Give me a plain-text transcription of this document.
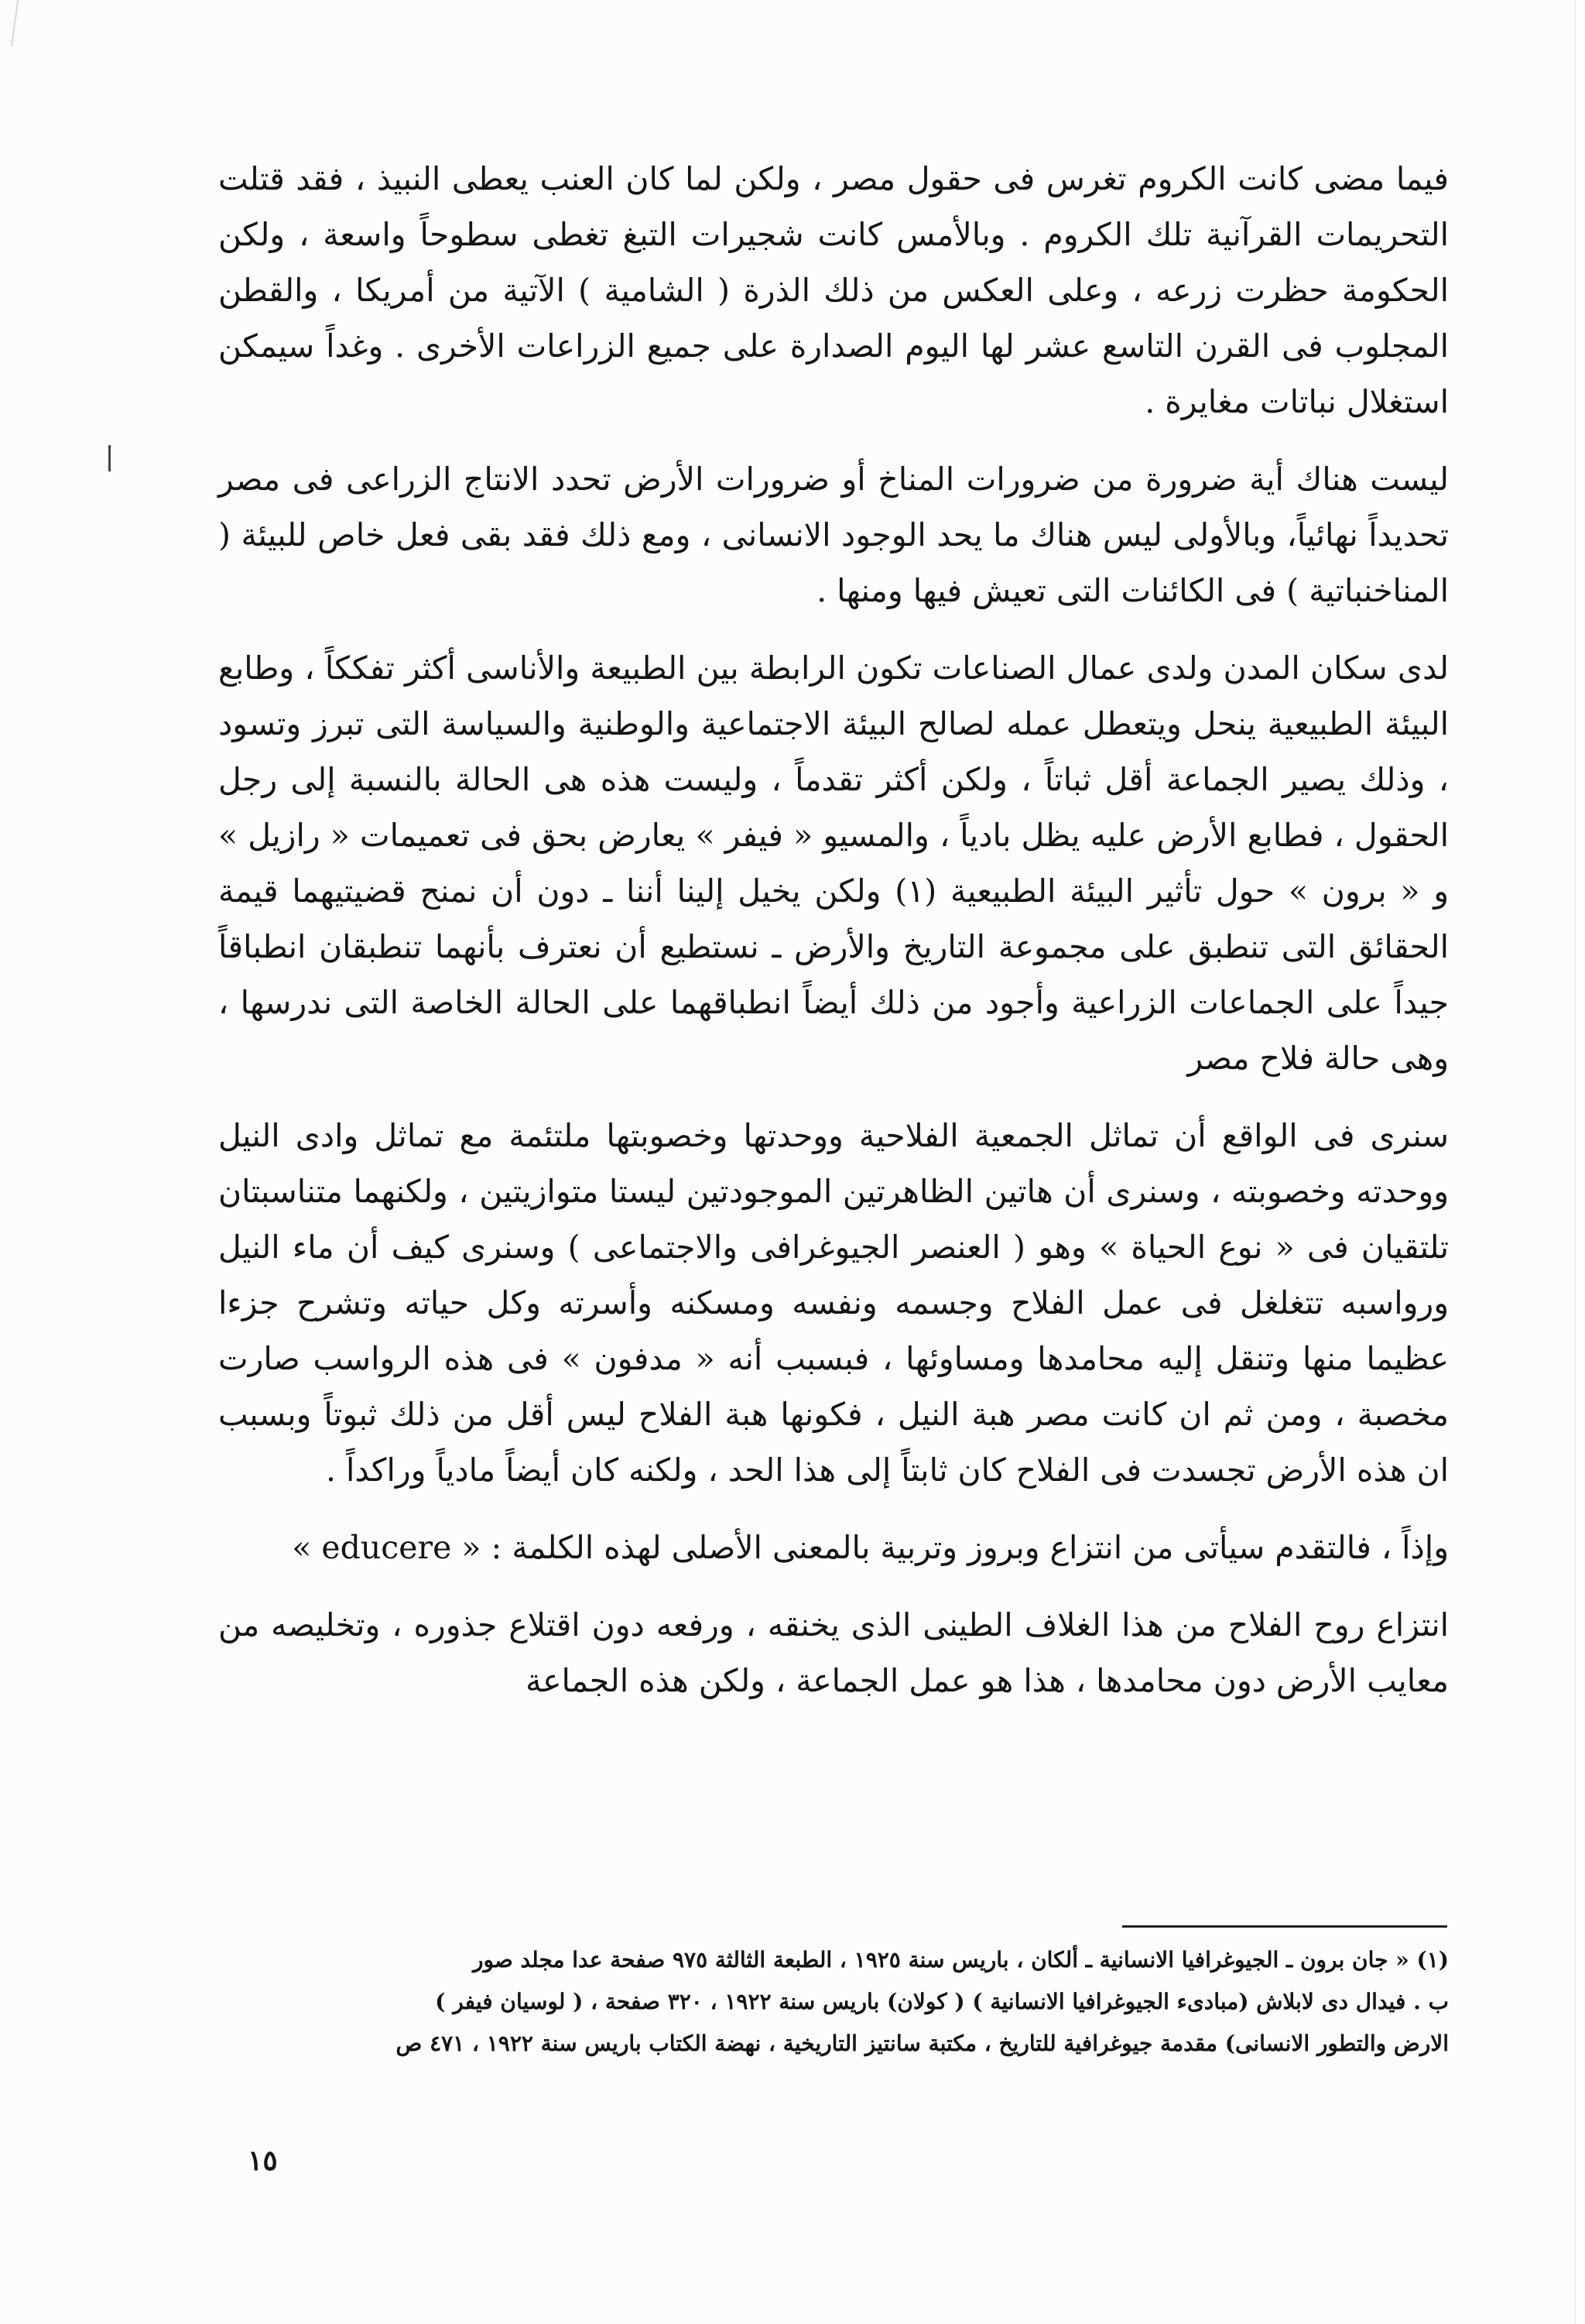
فيما مضى كانت الكروم تغرس فى حقول مصر ، ولكن لما كان العنب يعطى النبيذ ، فقد قتلت التحريمات القرآنية تلك الكروم . وبالأمس كانت شجيرات التبغ تغطى سطوحاً واسعة ، ولكن الحكومة حظرت زرعه ، وعلى العكس من ذلك الذرة ( الشامية ) الآتية من أمريكا ، والقطن المجلوب فى القرن التاسع عشر لها اليوم الصدارة على جميع الزراعات الأخرى . وغداً سيمكن استغلال نباتات مغايرة .

ليست هناك أية ضرورة من ضرورات المناخ أو ضرورات الأرض تحدد الانتاج الزراعى فى مصر تحديداً نهائياً، وبالأولى ليس هناك ما يحد الوجود الانسانى ، ومع ذلك فقد بقى فعل خاص للبيئة ( المناخنباتية ) فى الكائنات التى تعيش فيها ومنها .

لدى سكان المدن ولدى عمال الصناعات تكون الرابطة بين الطبيعة والأناسى أكثر تفككاً ، وطابع البيئة الطبيعية ينحل ويتعطل عمله لصالح البيئة الاجتماعية والوطنية والسياسة التى تبرز وتسود ، وذلك يصير الجماعة أقل ثباتاً ، ولكن أكثر تقدماً ، وليست هذه هى الحالة بالنسبة إلى رجل الحقول ، فطابع الأرض عليه يظل بادياً ، والمسيو « فيفر » يعارض بحق فى تعميمات « رازيل » و « برون » حول تأثير البيئة الطبيعية (١) ولكن يخيل إلينا أننا ـ دون أن نمنح قضيتيهما قيمة الحقائق التى تنطبق على مجموعة التاريخ والأرض ـ نستطيع أن نعترف بأنهما تنطبقان انطباقاً جيداً على الجماعات الزراعية وأجود من ذلك أيضاً انطباقهما على الحالة الخاصة التى ندرسها ، وهى حالة فلاح مصر

سنرى فى الواقع أن تماثل الجمعية الفلاحية ووحدتها وخصوبتها ملتئمة مع تماثل وادى النيل ووحدته وخصوبته ، وسنرى أن هاتين الظاهرتين الموجودتين ليستا متوازيتين ، ولكنهما متناسبتان تلتقيان فى « نوع الحياة » وهو ( العنصر الجيوغرافى والاجتماعى ) وسنرى كيف أن ماء النيل ورواسبه تتغلغل فى عمل الفلاح وجسمه ونفسه ومسكنه وأسرته وكل حياته وتشرح جزءا عظيما منها وتنقل إليه محامدها ومساوئها ، فبسبب أنه « مدفون » فى هذه الرواسب صارت مخصبة ، ومن ثم ان كانت مصر هبة النيل ، فكونها هبة الفلاح ليس أقل من ذلك ثبوتاً وبسبب ان هذه الأرض تجسدت فى الفلاح كان ثابتاً إلى هذا الحد ، ولكنه كان أيضاً مادياً وراكداً .

وإذاً ، فالتقدم سيأتى من انتزاع وبروز وتربية بالمعنى الأصلى لهذه الكلمة : « educere »

انتزاع روح الفلاح من هذا الغلاف الطينى الذى يخنقه ، ورفعه دون اقتلاع جذوره ، وتخليصه من معايب الأرض دون محامدها ، هذا هو عمل الجماعة ، ولكن هذه الجماعة

(١) « جان برون ـ الجيوغرافيا الانسانية ـ ألكان ، باريس سنة ١٩٢٥ ، الطبعة الثالثة ٩٧٥ صفحة عدا مجلد صور

ب . فيدال دى لابلاش (مبادىء الجيوغرافيا الانسانية ) ( كولان) باريس سنة ١٩٢٢ ، ٣٢٠ صفحة ، ( لوسيان فيفر )

الارض والتطور الانسانى) مقدمة جيوغرافية للتاريخ ، مكتبة سانتيز التاريخية ، نهضة الكتاب باريس سنة ١٩٢٢ ، ٤٧١ ص

١٥
